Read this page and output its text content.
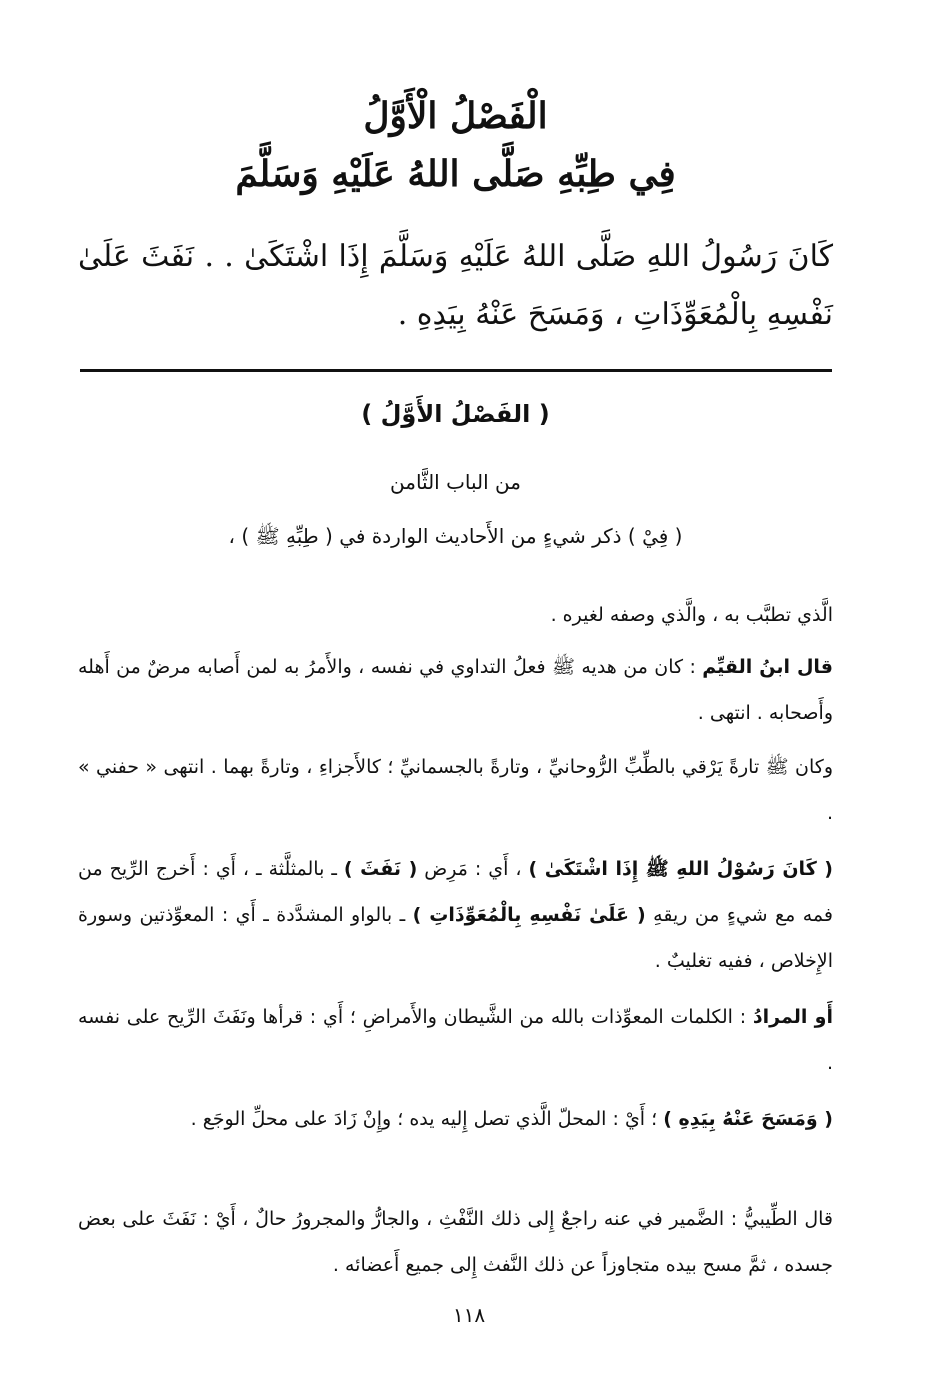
الْفَصْلُ الْأَوَّلُ
فِي طِبِّهِ صَلَّى اللهُ عَلَيْهِ وَسَلَّمَ
كَانَ رَسُولُ اللهِ صَلَّى اللهُ عَلَيْهِ وَسَلَّمَ إِذَا اشْتَكَىٰ . . نَفَثَ عَلَىٰ نَفْسِهِ بِالْمُعَوِّذَاتِ ، وَمَسَحَ عَنْهُ بِيَدِهِ .
( الفَصْلُ الأَوَّلُ )
من الباب الثَّامن
( فِيْ ) ذكر شيءٍ من الأَحاديث الواردة في ( طِبِّهِ ﷺ ) ،
الَّذي تطبَّب به ، والَّذي وصفه لغيره .
قال ابنُ القيِّم : كان من هديه ﷺ فعلُ التداوي في نفسه ، والأَمرُ به لمن أَصابه مرضٌ من أَهله وأَصحابه . انتهى .
وكان ﷺ تارةً يَرْقي بالطِّبِّ الرُّوحانيِّ ، وتارةً بالجسمانيِّ ؛ كالأَجزاءِ ، وتارةً بهما . انتهى « حفني » .
( كَانَ رَسُوْلُ اللهِ ﷺ إِذَا اشْتَكَىٰ ) ، أَي : مَرِض ( نَفَثَ ) ـ بالمثلَّثة ـ ، أَي : أَخرج الرِّيح من فمه مع شيءٍ من ريقهِ ( عَلَىٰ نَفْسِهِ بِالْمُعَوِّذَاتِ ) ـ بالواو المشدَّدة ـ أَي : المعوِّذتين وسورة الإِخلاص ، ففيه تغليبٌ .
أَو المرادُ : الكلمات المعوِّذات بالله من الشَّيطان والأَمراضِ ؛ أَي : قرأها ونَفَثَ الرِّيح على نفسه .
( وَمَسَحَ عَنْهُ بِيَدِهِ ) ؛ أَيْ : المحلّ الَّذي تصل إِليه يده ؛ وإِنْ زَادَ على محلِّ الوجَع .
قال الطِّيبيُّ : الضَّمير في عنه راجعٌ إِلى ذلك النَّفْثِ ، والجارُّ والمجرورُ حالٌ ، أَيْ : نَفَثَ على بعض جسده ، ثمَّ مسح بيده متجاوزاً عن ذلك النَّفث إِلى جميع أَعضائه .
١١٨
